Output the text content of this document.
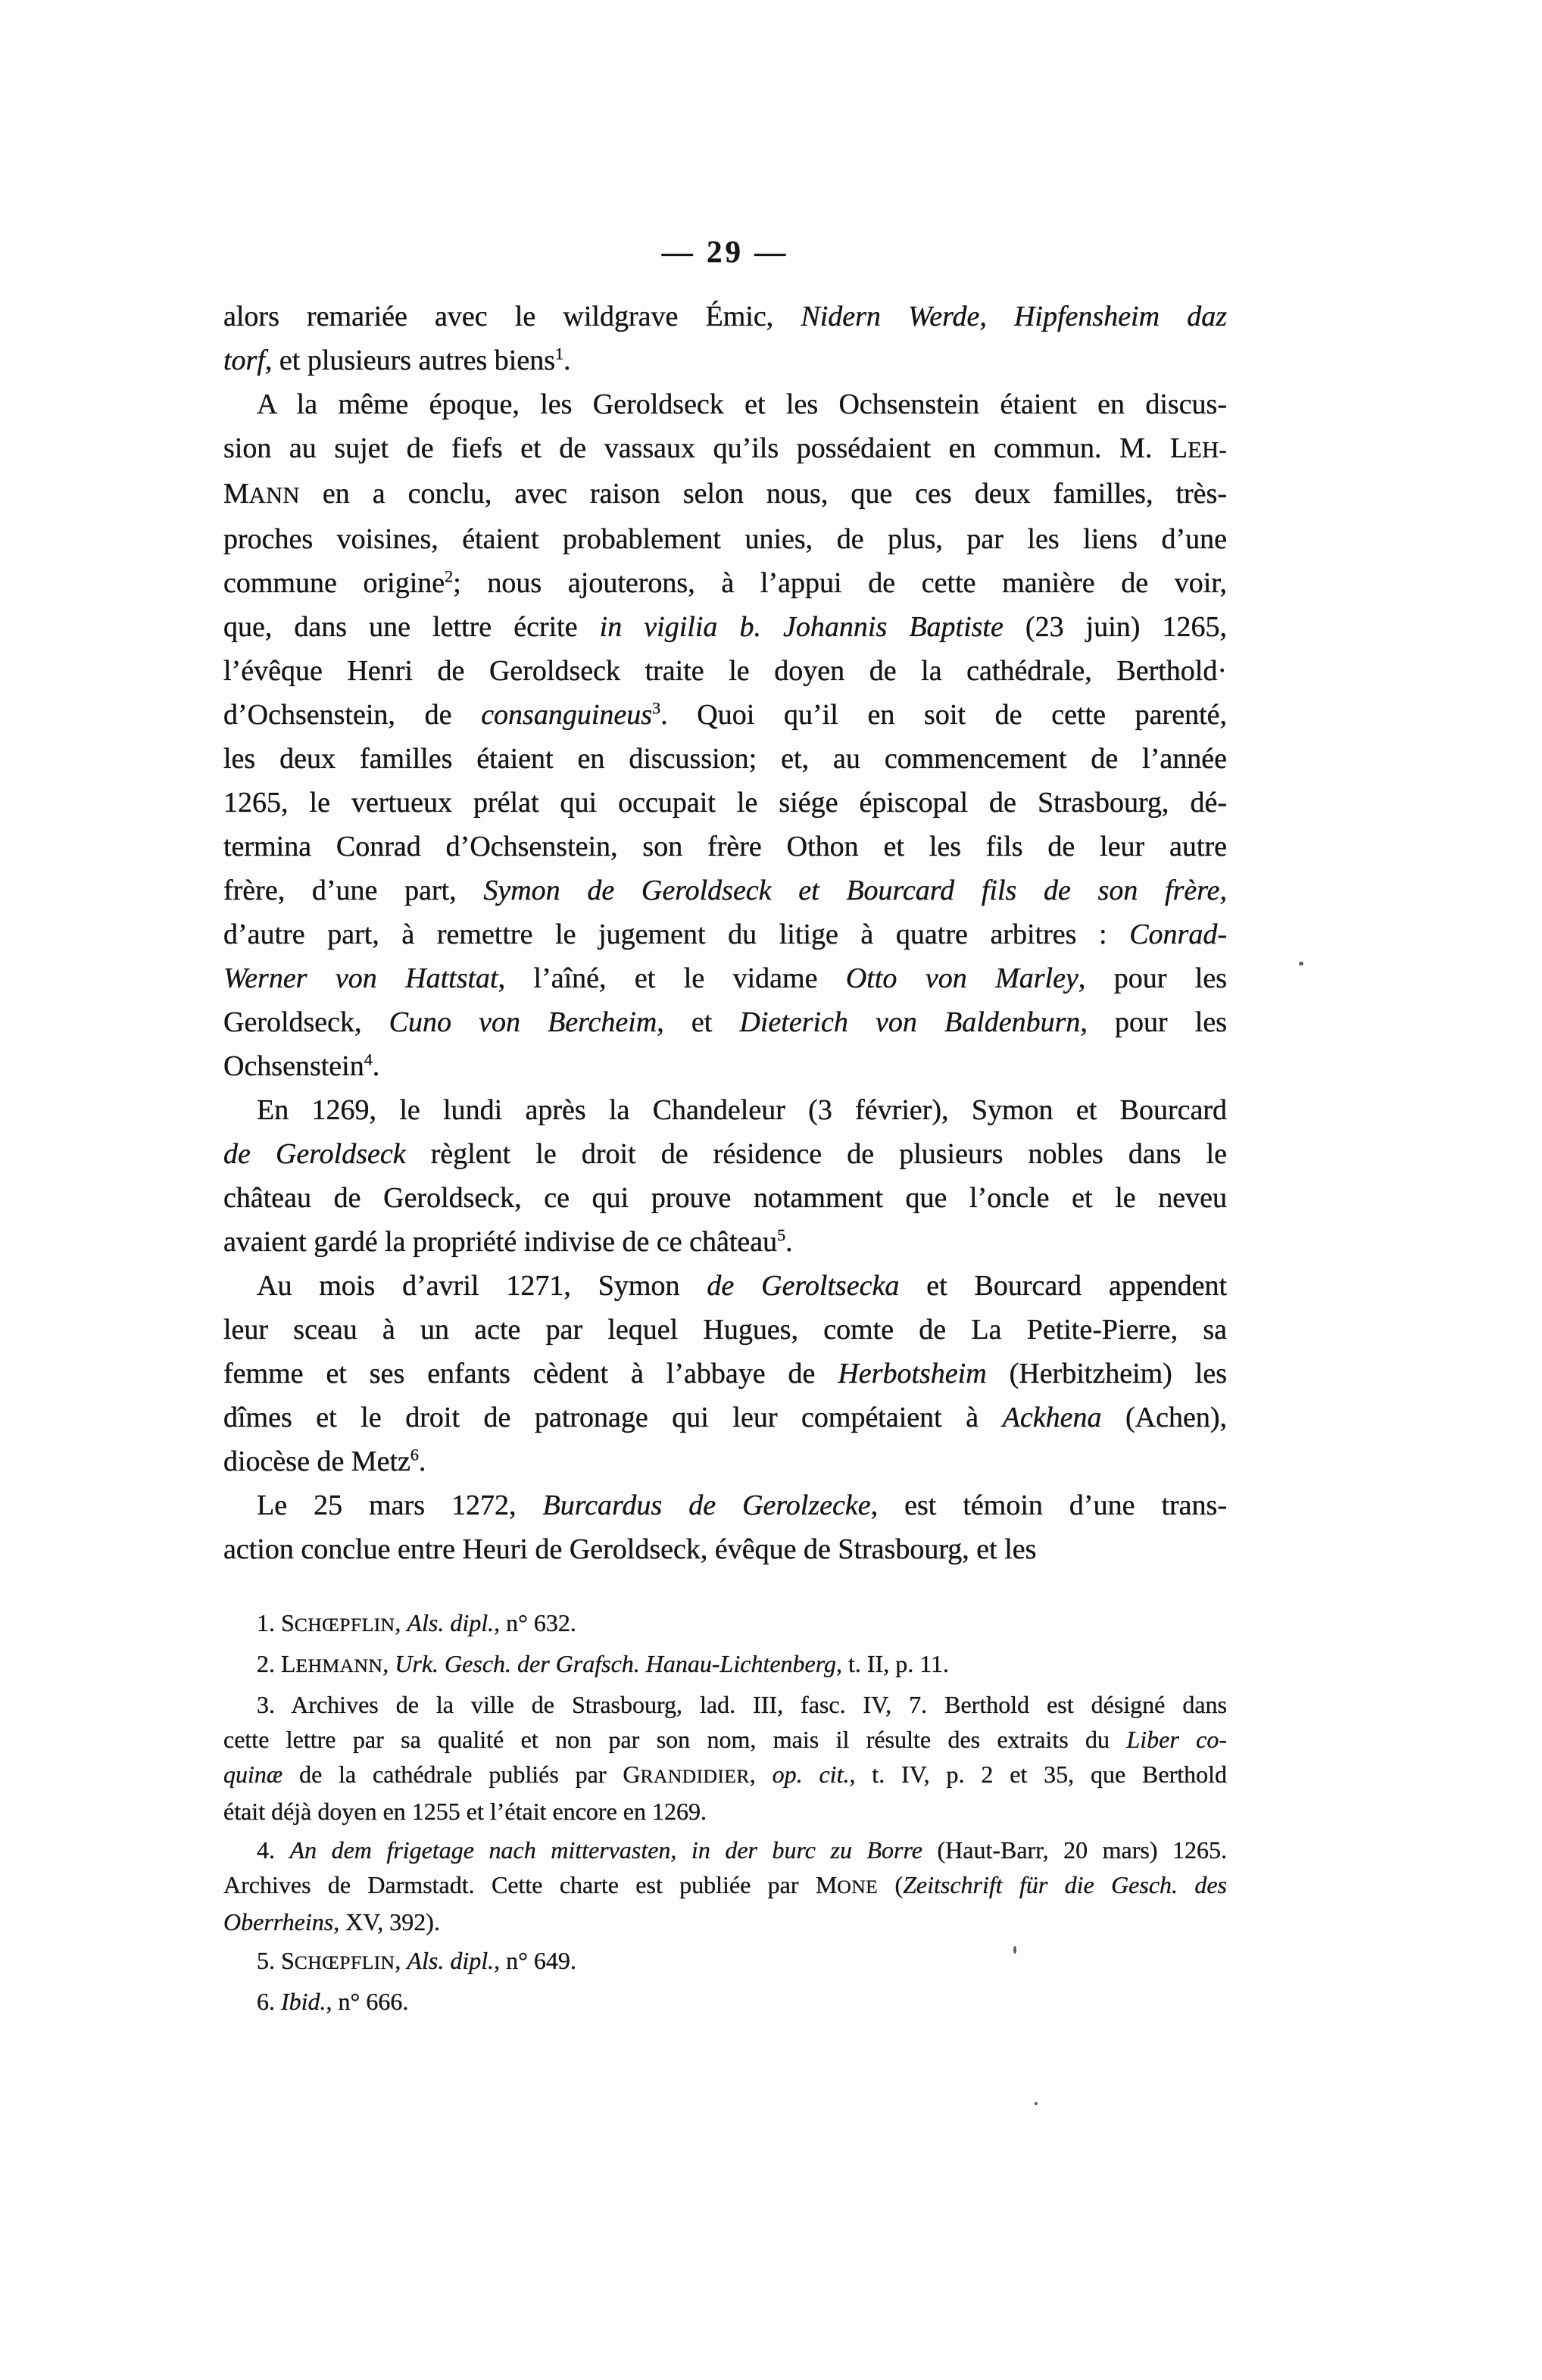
— 29 —
alors remariée avec le wildgrave Émic, Nidern Werde, Hipfensheim daz
torf, et plusieurs autres biens$^1$.
A la même époque, les Geroldseck et les Ochsenstein étaient en discus-
sion au sujet de fiefs et de vassaux qu’ils possédaient en commun. M. LEH-
MANN en a conclu, avec raison selon nous, que ces deux familles, très-
proches voisines, étaient probablement unies, de plus, par les liens d’une
commune origine$^2$; nous ajouterons, à l’appui de cette manière de voir,
que, dans une lettre écrite in vigilia b. Johannis Baptiste (23 juin) 1265,
l’évêque Henri de Geroldseck traite le doyen de la cathédrale, Berthold·
d’Ochsenstein, de consanguineus$^3$. Quoi qu’il en soit de cette parenté,
les deux familles étaient en discussion; et, au commencement de l’année
1265, le vertueux prélat qui occupait le siége épiscopal de Strasbourg, dé-
termina Conrad d’Ochsenstein, son frère Othon et les fils de leur autre
frère, d’une part, Symon de Geroldseck et Bourcard fils de son frère,
d’autre part, à remettre le jugement du litige à quatre arbitres : Conrad-
Werner von Hattstat, l’aîné, et le vidame Otto von Marley, pour les
Geroldseck, Cuno von Bercheim, et Dieterich von Baldenburn, pour les
Ochsenstein$^4$.
En 1269, le lundi après la Chandeleur (3 février), Symon et Bourcard
de Geroldseck règlent le droit de résidence de plusieurs nobles dans le
château de Geroldseck, ce qui prouve notamment que l’oncle et le neveu
avaient gardé la propriété indivise de ce château$^5$.
Au mois d’avril 1271, Symon de Geroltsecka et Bourcard appendent
leur sceau à un acte par lequel Hugues, comte de La Petite-Pierre, sa
femme et ses enfants cèdent à l’abbaye de Herbotsheim (Herbitzheim) les
dîmes et le droit de patronage qui leur compétaient à Ackhena (Achen),
diocèse de Metz$^6$.
Le 25 mars 1272, Burcardus de Gerolzecke, est témoin d’une trans-
action conclue entre Heuri de Geroldseck, évêque de Strasbourg, et les
1. SCHŒPFLIN, Als. dipl., n° 632.
2. LEHMANN, Urk. Gesch. der Grafsch. Hanau-Lichtenberg, t. II, p. 11.
3. Archives de la ville de Strasbourg, lad. III, fasc. IV, 7. Berthold est désigné dans
cette lettre par sa qualité et non par son nom, mais il résulte des extraits du Liber co-
quinæ de la cathédrale publiés par GRANDIDIER, op. cit., t. IV, p. 2 et 35, que Berthold
était déjà doyen en 1255 et l’était encore en 1269.
4. An dem frigetage nach mittervasten, in der burc zu Borre (Haut-Barr, 20 mars) 1265.
Archives de Darmstadt. Cette charte est publiée par MONE (Zeitschrift für die Gesch. des
Oberrheins, XV, 392).
5. SCHŒPFLIN, Als. dipl., n° 649.
6. Ibid., n° 666.
